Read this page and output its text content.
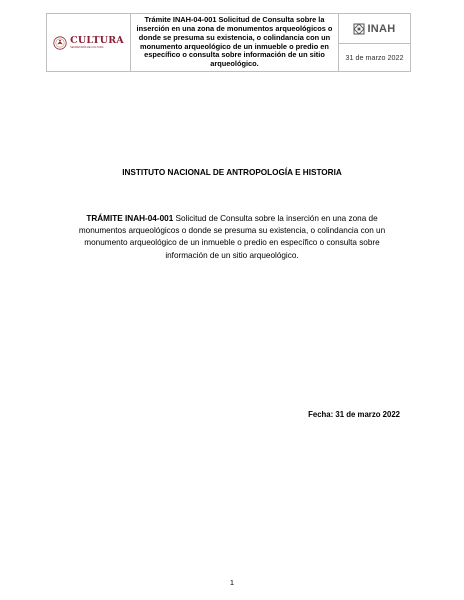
CULTURA
SECRETARÍA DE CULTURA
Trámite INAH-04-001 Solicitud de Consulta sobre la inserción en una zona de monumentos arqueológicos o donde se presuma su existencia, o colindancia con un monumento arqueológico de un inmueble o predio en específico o consulta sobre información de un sitio arqueológico.
INAH
31 de marzo 2022
INSTITUTO NACIONAL DE ANTROPOLOGÍA E HISTORIA
TRÁMITE INAH-04-001 Solicitud de Consulta sobre la inserción en una zona de monumentos arqueológicos o donde se presuma su existencia, o colindancia con un monumento arqueológico de un inmueble o predio en específico o consulta sobre información de un sitio arqueológico.
Fecha: 31 de marzo 2022
1
